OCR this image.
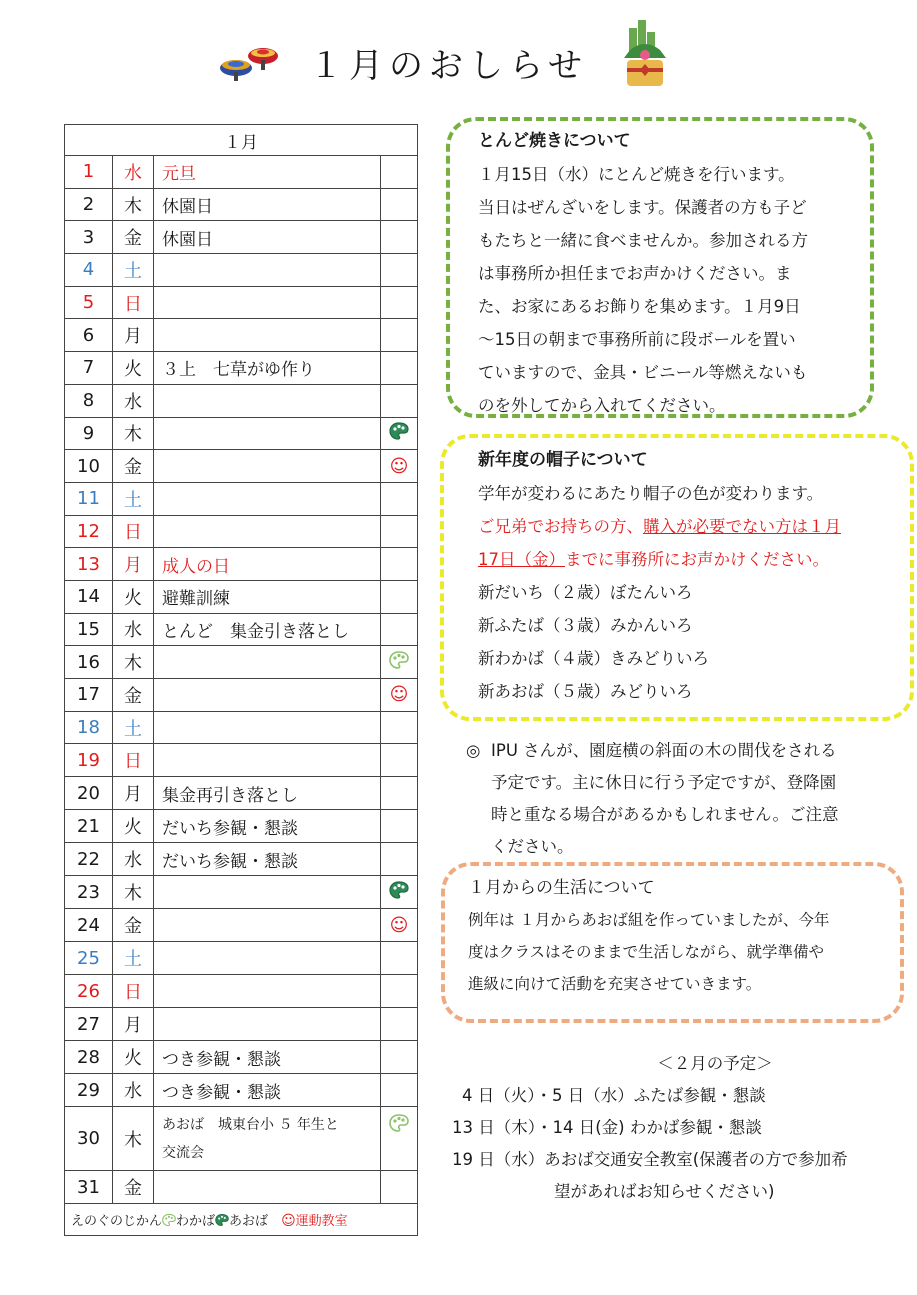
１月のおしらせ
１月			
1	水	元旦	
2	木	休園日	
3	金	休園日	
4	土		
5	日		
6	月		
7	火	３上　七草がゆ作り	
8	水		
9	木		
10	金		☺
11	土		
12	日		
13	月	成人の日	
14	火	避難訓練	
15	水	とんど　集金引き落とし	
16	木		
17	金		☺
18	土		
19	日		
20	月	集金再引き落とし	
21	火	だいち参観・懇談	
22	水	だいち参観・懇談	
23	木		
24	金		☺
25	土		
26	日		
27	月		
28	火	つき参観・懇談	
29	水	つき参観・懇談	
30	木	あおば　城東台小 ５ 年生と
交流会	
31	金		
えのぐのじかん わかば あおば　 ☺運動教室			
とんど焼きについて
１月15日（水）にとんど焼きを行います。
当日はぜんざいをします。保護者の方も子ど
もたちと一緒に食べませんか。参加される方
は事務所か担任までお声かけください。ま
た、お家にあるお飾りを集めます。１月9日
～15日の朝まで事務所前に段ボールを置い
ていますので、金具・ビニール等燃えないも
のを外してから入れてください。
新年度の帽子について
学年が変わるにあたり帽子の色が変わります。
ご兄弟でお持ちの方、購入が必要でない方は１月
17日（金）までに事務所にお声かけください。
新だいち（２歳）ぼたんいろ
新ふたば（３歳）みかんいろ
新わかば（４歳）きみどりいろ
新あおば（５歳）みどりいろ
◎ IPU さんが、園庭横の斜面の木の間伐をされる
予定です。主に休日に行う予定ですが、登降園
時と重なる場合があるかもしれません。ご注意
ください。
１月からの生活について
例年は １月からあおば組を作っていましたが、今年
度はクラスはそのままで生活しながら、就学準備や
進級に向けて活動を充実させていきます。
＜２月の予定＞
4 日（火）・5 日（水）ふたば参観・懇談
13 日（木）・14 日(金) わかば参観・懇談
19 日（水）あおば交通安全教室(保護者の方で参加希
望があればお知らせください)
